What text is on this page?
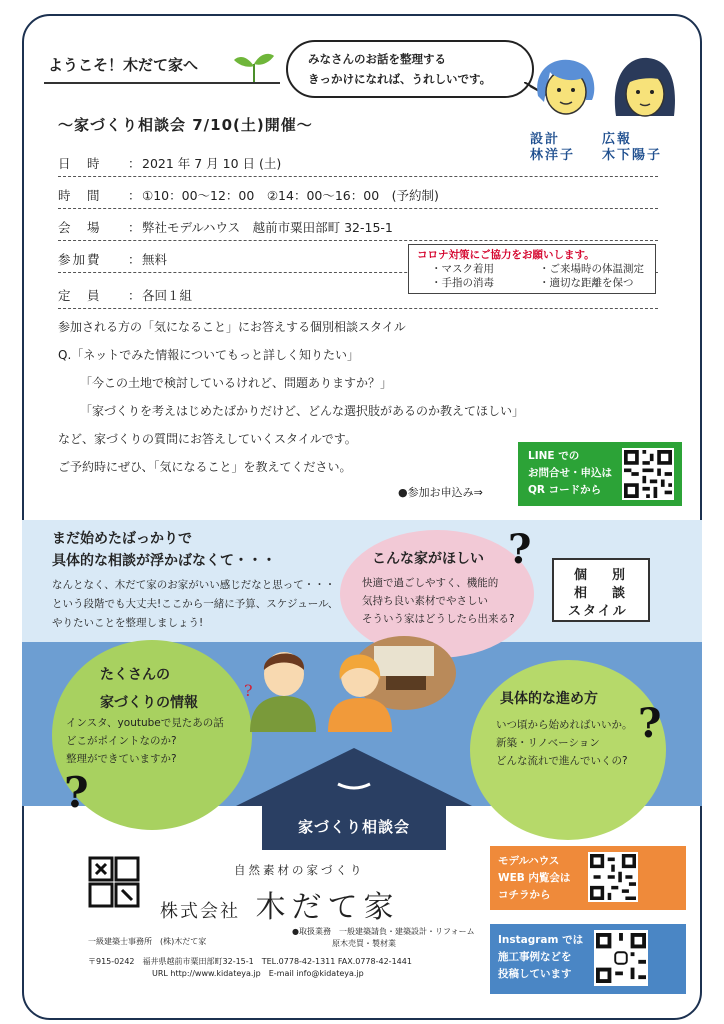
ようこそ！木だて家へ	みなさんのお話を整理する
きっかけになれば、うれしいです。
設計
林洋子
広報
木下陽子
～家づくり相談会 7/10(土)開催～
日　時	： 2021 年 7 月 10 日 (土)
時　間	： ①10：00～12：00　②14：00～16：00　(予約制)
会　場	： 弊社モデルハウス　越前市粟田部町 32-15-1
参加費	： 無料
定　員	： 各回１組
コロナ対策にご協力をお願いします。
・マスク着用	・ご来場時の体温測定
・手指の消毒	・適切な距離を保つ
参加される方の「気になること」にお答えする個別相談スタイル
Q.「ネットでみた情報についてもっと詳しく知りたい」
「今この土地で検討しているけれど、問題ありますか？」
「家づくりを考えはじめたばかりだけど、どんな選択肢があるのか教えてほしい」
など、家づくりの質問にお答えしていくスタイルです。
ご予約時にぜひ、「気になること」を教えてください。
●参加お申込み⇒
LINE での
お問合せ・申込は
QR コードから
まだ始めたばっかりで
具体的な相談が浮かばなくて・・・
なんとなく、木だて家のお家がいい感じだなと思って・・・
という段階でも大丈夫!ここから一緒に予算、スケジュール、
やりたいことを整理しましょう!
こんな家がほしい
快適で過ごしやすく、機能的
気持ち良い素材でやさしい
そういう家はどうしたら出来る?
?
個 別
相 談
スタイル
たくさんの
家づくりの情報
インスタ、youtubeで見たあの話
どこがポイントなのか?
整理ができていますか?
?
?	具体的な進め方
いつ頃から始めればいいか。
新築・リノベーション
どんな流れで進んでいくの?
?
家づくり相談会
自然素材の家づくり
株式会社 木だて家
一級建築士事務所　(株)木だて家
●取扱業務　一般建築請負・建築設計・リフォーム
原木売買・製材業
〒915-0242　福井県越前市粟田部町32-15-1　TEL.0778-42-1311 FAX.0778-42-1441
URL http://www.kidateya.jp　E-mail info@kidateya.jp
モデルハウス
WEB 内覧会は
コチラから
Instagram では
施工事例などを
投稿しています
